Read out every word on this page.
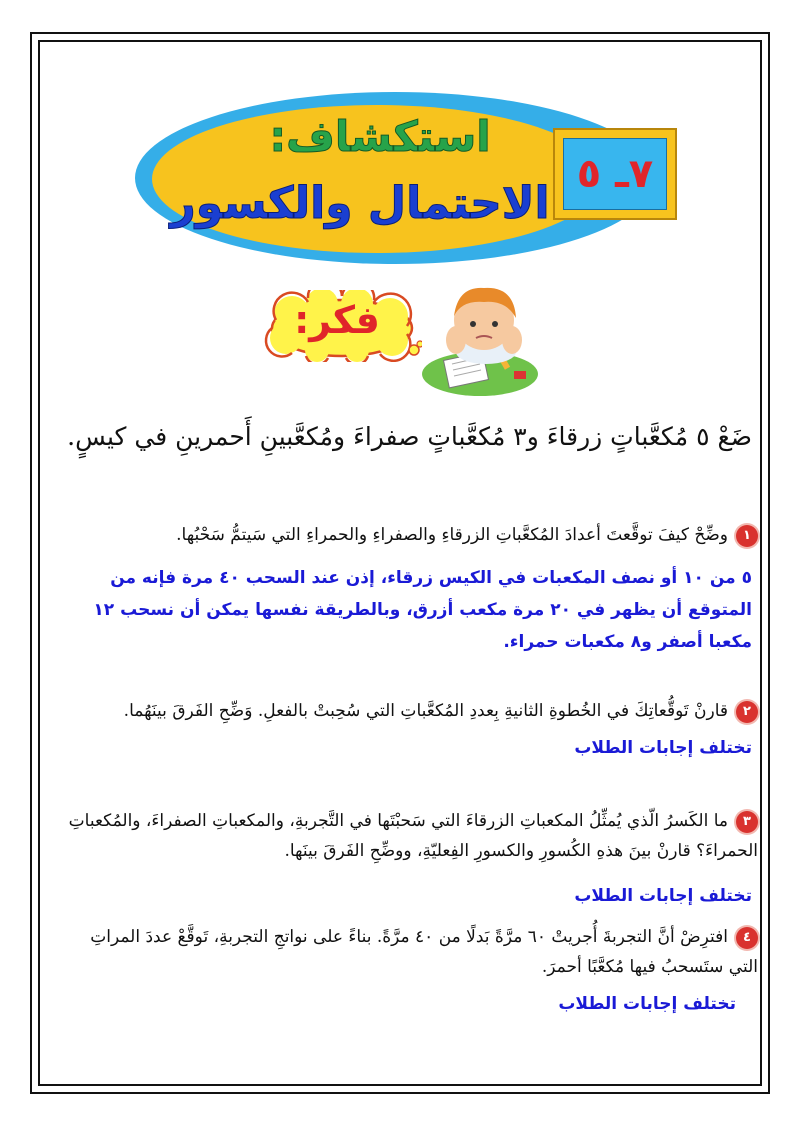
استكشاف:
الاحتمال والكسور
٧ـ ٥
فكر:
ضَعْ ٥ مُكعَّباتٍ زرقاءَ و٣ مُكعَّباتٍ صفراءَ ومُكعَّبينِ أَحمرينِ في كيسٍ.
١وضِّحْ كيفَ توقَّعتَ أعدادَ المُكعَّباتِ الزرقاءِ والصفراءِ والحمراءِ التي سَيتمُّ سَحْبُها.
٥ من ١٠ أو نصف المكعبات في الكيس زرقاء، إذن عند السحب ٤٠ مرة فإنه من المتوقع أن يظهر في ٢٠ مرة مكعب أزرق، وبالطريقة نفسها يمكن أن نسحب ١٢ مكعبا أصفر و٨ مكعبات حمراء.
٢قارنْ تَوقُّعاتِكَ في الخُطوةِ الثانيةِ بِعددِ المُكعَّباتِ التي سُحِبتْ بالفعلِ. وَضِّحِ الفَرقَ بينَهُما.
تختلف إجابات الطلاب
٣ما الكَسرُ الّذي يُمثِّلُ المكعباتِ الزرقاءَ التي سَحبْتَها في التَّجربةِ، والمكعباتِ الصفراءَ، والمُكعباتِ الحمراءَ؟ قارنْ بينَ هذهِ الكُسورِ والكسورِ الفِعليّةِ، ووضِّحِ الفَرقَ بينَها.
تختلف إجابات الطلاب
٤افترِضْ أنَّ التجربةَ أُجريتْ ٦٠ مرَّةً بَدلًا من ٤٠ مرَّةً. بناءً على نواتجِ التجربةِ، تَوقَّعْ عددَ المراتِ التي ستَسحبُ فيها مُكعَّبًا أحمرَ.
تختلف إجابات الطلاب
